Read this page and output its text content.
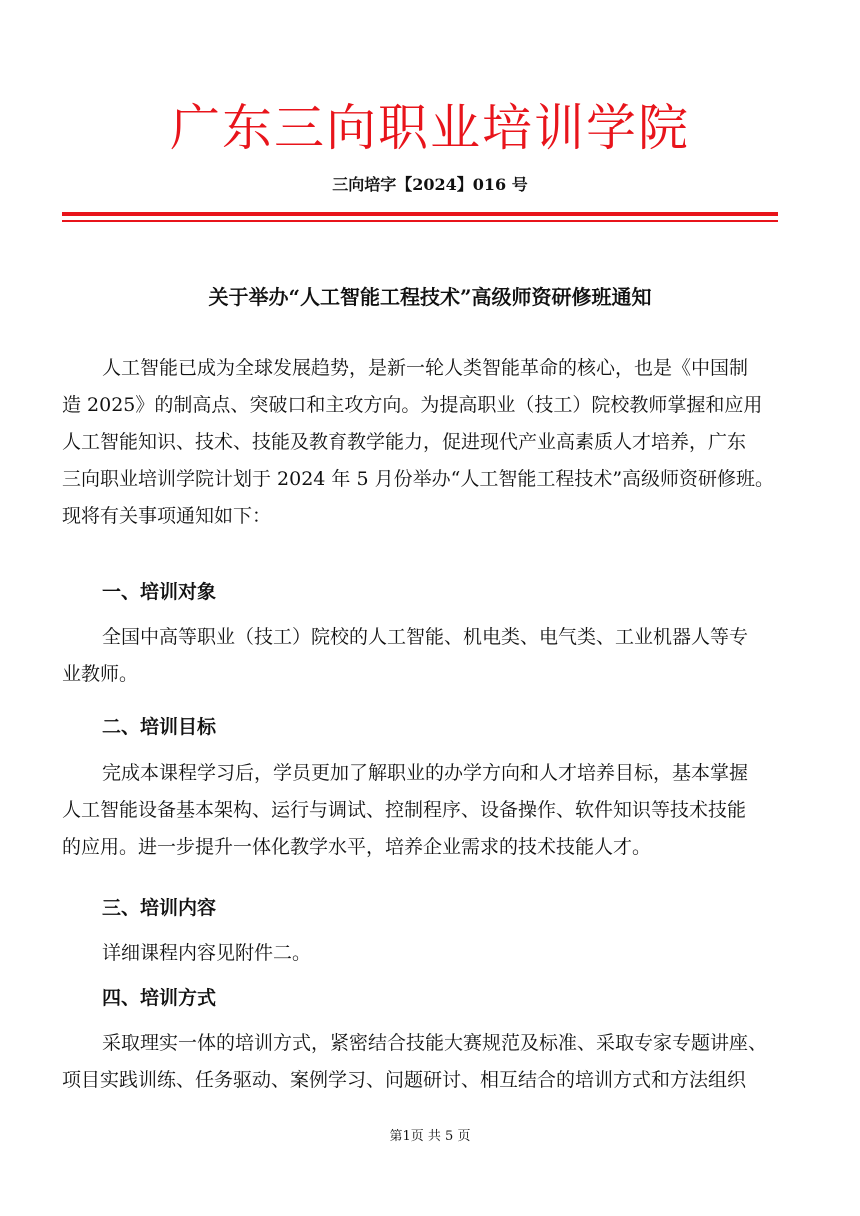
广东三向职业培训学院
三向培字【2024】016 号
关于举办“人工智能工程技术”高级师资研修班通知
人工智能已成为全球发展趋势，是新一轮人类智能革命的核心，也是《中国制
造 2025》的制高点、突破口和主攻方向。为提高职业（技工）院校教师掌握和应用
人工智能知识、技术、技能及教育教学能力，促进现代产业高素质人才培养，广东
三向职业培训学院计划于 2024 年 5 月份举办“人工智能工程技术”高级师资研修班。
现将有关事项通知如下：
一、培训对象
全国中高等职业（技工）院校的人工智能、机电类、电气类、工业机器人等专
业教师。
二、培训目标
完成本课程学习后，学员更加了解职业的办学方向和人才培养目标，基本掌握
人工智能设备基本架构、运行与调试、控制程序、设备操作、软件知识等技术技能
的应用。进一步提升一体化教学水平，培养企业需求的技术技能人才。
三、培训内容
详细课程内容见附件二。
四、培训方式
采取理实一体的培训方式，紧密结合技能大赛规范及标准、采取专家专题讲座、
项目实践训练、任务驱动、案例学习、问题研讨、相互结合的培训方式和方法组织
第1页 共 5 页
